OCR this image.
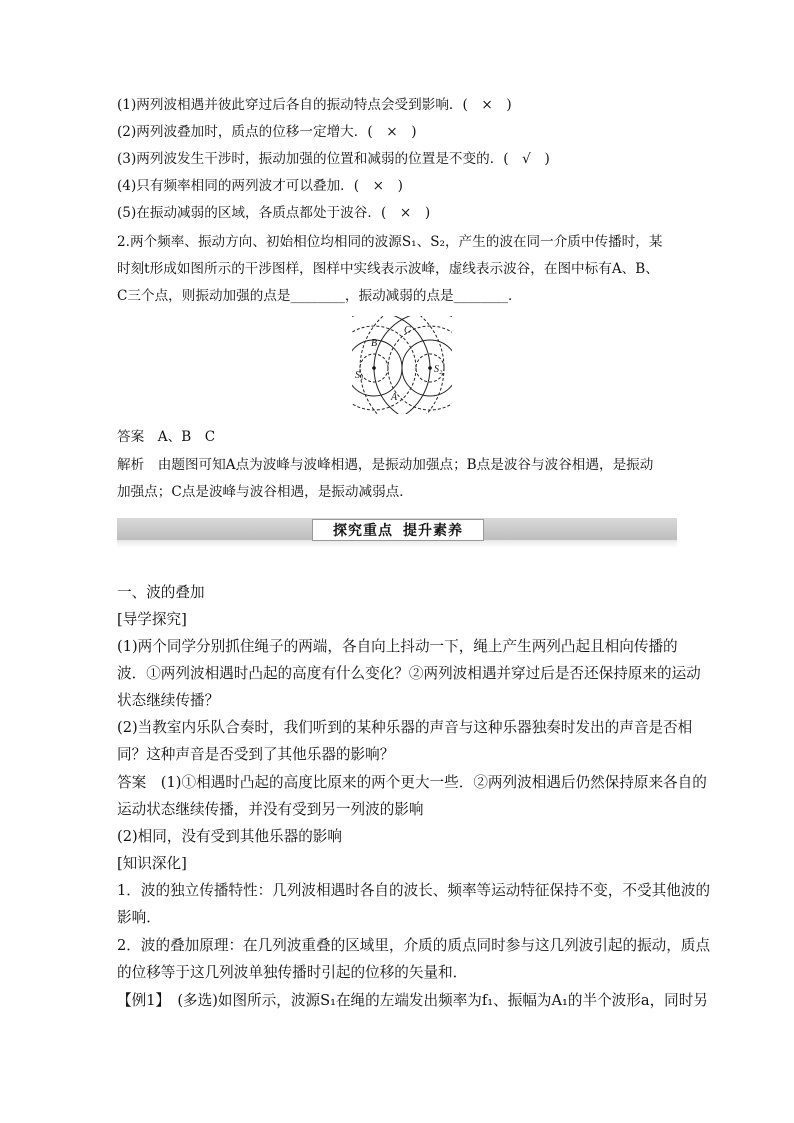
(1)两列波相遇并彼此穿过后各自的振动特点会受到影响．(　×　)
(2)两列波叠加时，质点的位移一定增大．(　×　)
(3)两列波发生干涉时，振动加强的位置和减弱的位置是不变的．(　√　)
(4)只有频率相同的两列波才可以叠加．(　×　)
(5)在振动减弱的区域，各质点都处于波谷．(　×　)
2.两个频率、振动方向、初始相位均相同的波源S₁、S₂，产生的波在同一介质中传播时，某
时刻t形成如图所示的干涉图样，图样中实线表示波峰，虚线表示波谷，在图中标有A、B、
C三个点，则振动加强的点是________，振动减弱的点是________．
S₁
S₂
B
C
A
答案　A、B　C
解析　由题图可知A点为波峰与波峰相遇，是振动加强点；B点是波谷与波谷相遇，是振动
加强点；C点是波峰与波谷相遇，是振动减弱点．
探究重点 提升素养
一、波的叠加
[导学探究]
(1)两个同学分别抓住绳子的两端，各自向上抖动一下，绳上产生两列凸起且相向传播的
波．①两列波相遇时凸起的高度有什么变化？②两列波相遇并穿过后是否还保持原来的运动
状态继续传播？
(2)当教室内乐队合奏时，我们听到的某种乐器的声音与这种乐器独奏时发出的声音是否相
同？这种声音是否受到了其他乐器的影响？
答案　(1)①相遇时凸起的高度比原来的两个更大一些．②两列波相遇后仍然保持原来各自的
运动状态继续传播，并没有受到另一列波的影响
(2)相同，没有受到其他乐器的影响
[知识深化]
1．波的独立传播特性：几列波相遇时各自的波长、频率等运动特征保持不变，不受其他波的
影响．
2．波的叠加原理：在几列波重叠的区域里，介质的质点同时参与这几列波引起的振动，质点
的位移等于这几列波单独传播时引起的位移的矢量和．
【例1】　(多选)如图所示，波源S₁在绳的左端发出频率为f₁、振幅为A₁的半个波形a，同时另
